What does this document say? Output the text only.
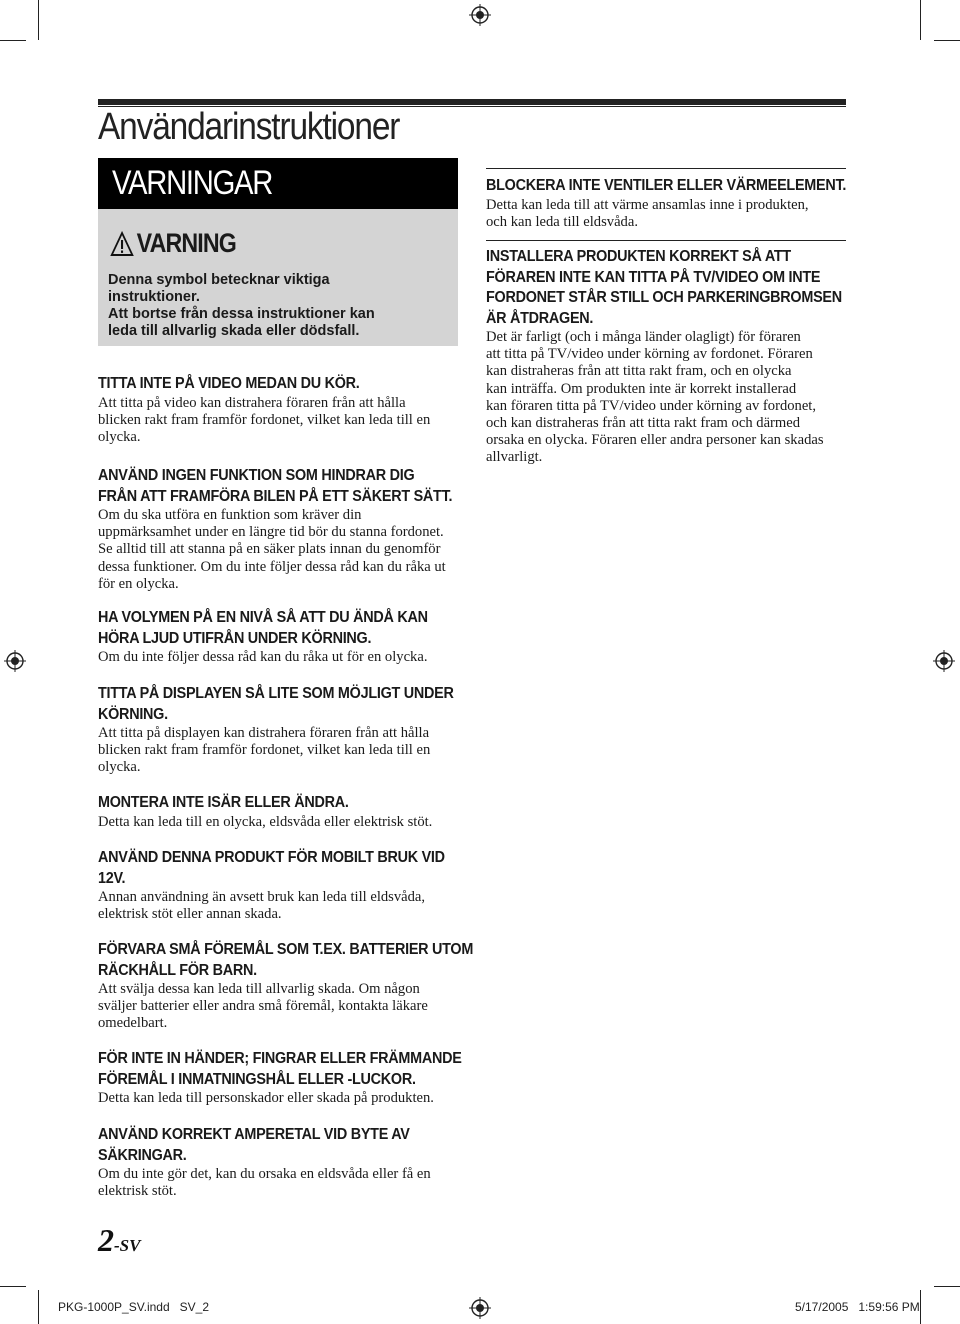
Användarinstruktioner
VARNINGAR
VARNING
Denna symbol betecknar viktiga
instruktioner.
Att bortse från dessa instruktioner kan
leda till allvarlig skada eller dödsfall.
TITTA INTE PÅ VIDEO MEDAN DU KÖR.
Att titta på video kan distrahera föraren från att hålla
blicken rakt fram framför fordonet, vilket kan leda till en
olycka.
ANVÄND INGEN FUNKTION SOM HINDRAR DIG
FRÅN ATT FRAMFÖRA BILEN PÅ ETT SÄKERT SÄTT.
Om du ska utföra en funktion som kräver din
uppmärksamhet under en längre tid bör du stanna fordonet.
Se alltid till att stanna på en säker plats innan du genomför
dessa funktioner. Om du inte följer dessa råd kan du råka ut
för en olycka.
HA VOLYMEN PÅ EN NIVÅ SÅ ATT DU ÄNDÅ KAN
HÖRA LJUD UTIFRÅN UNDER KÖRNING.
Om du inte följer dessa råd kan du råka ut för en olycka.
TITTA PÅ DISPLAYEN SÅ LITE SOM MÖJLIGT UNDER
KÖRNING.
Att titta på displayen kan distrahera föraren från att hålla
blicken rakt fram framför fordonet, vilket kan leda till en
olycka.
MONTERA INTE ISÄR ELLER ÄNDRA.
Detta kan leda till en olycka, eldsvåda eller elektrisk stöt.
ANVÄND DENNA PRODUKT FÖR MOBILT BRUK VID
12V.
Annan användning än avsett bruk kan leda till eldsvåda,
elektrisk stöt eller annan skada.
FÖRVARA SMÅ FÖREMÅL SOM T.EX. BATTERIER UTOM
RÄCKHÅLL FÖR BARN.
Att svälja dessa kan leda till allvarlig skada. Om någon
sväljer batterier eller andra små föremål, kontakta läkare
omedelbart.
FÖR INTE IN HÄNDER; FINGRAR ELLER FRÄMMANDE
FÖREMÅL I INMATNINGSHÅL ELLER -LUCKOR.
Detta kan leda till personskador eller skada på produkten.
ANVÄND KORREKT AMPERETAL VID BYTE AV
SÄKRINGAR.
Om du inte gör det, kan du orsaka en eldsvåda eller få en
elektrisk stöt.
BLOCKERA INTE VENTILER ELLER VÄRMEELEMENT.
Detta kan leda till att värme ansamlas inne i produkten,
och kan leda till eldsvåda.
INSTALLERA PRODUKTEN KORREKT SÅ ATT
FÖRAREN INTE KAN TITTA PÅ TV/VIDEO OM INTE
FORDONET STÅR STILL OCH PARKERINGBROMSEN
ÄR ÅTDRAGEN.
Det är farligt (och i många länder olagligt) för föraren
att titta på TV/video under körning av fordonet. Föraren
kan distraheras från att titta rakt fram, och en olycka
kan inträffa. Om produkten inte är korrekt installerad
kan föraren titta på TV/video under körning av fordonet,
och kan distraheras från att titta rakt fram och därmed
orsaka en olycka. Föraren eller andra personer kan skadas
allvarligt.
2-SV
PKG-1000P_SV.indd   SV_2	5/17/2005   1:59:56 PM
